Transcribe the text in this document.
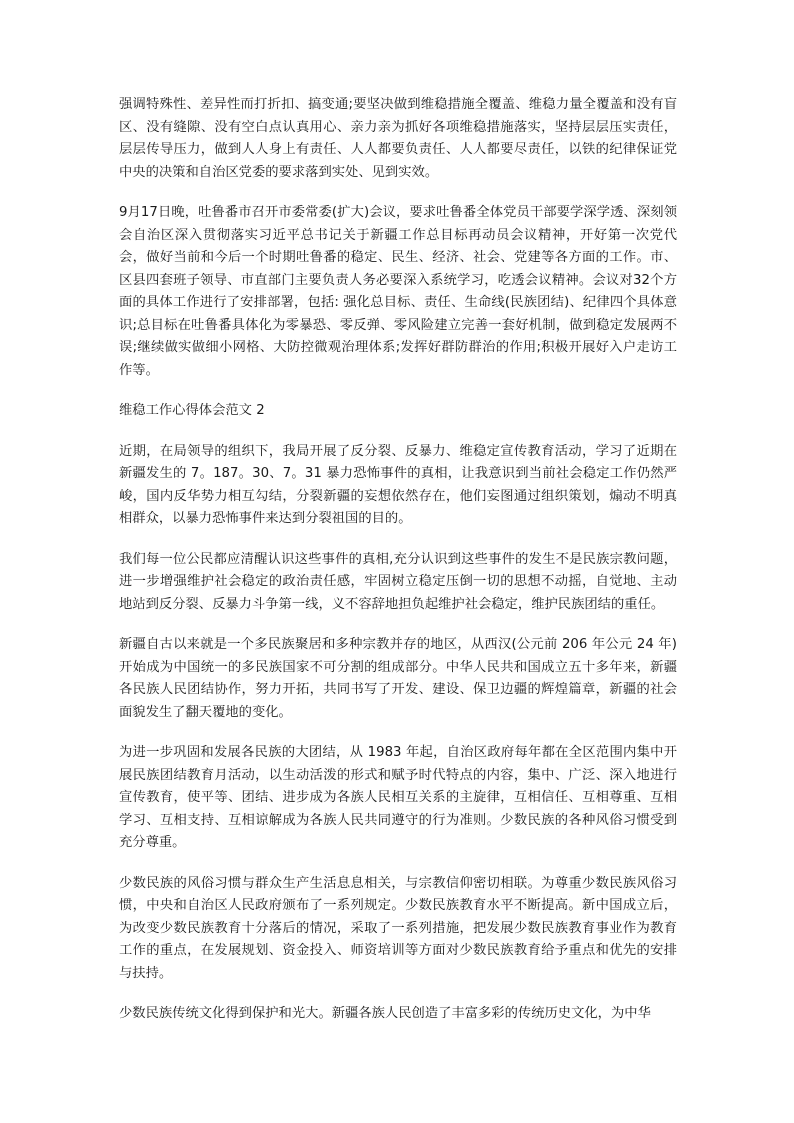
强调特殊性、差异性而打折扣、搞变通;要坚决做到维稳措施全覆盖、维稳力量全覆盖和没有盲区、没有缝隙、没有空白点认真用心、亲力亲为抓好各项维稳措施落实，坚持层层压实责任，层层传导压力，做到人人身上有责任、人人都要负责任、人人都要尽责任，以铁的纪律保证党中央的决策和自治区党委的要求落到实处、见到实效。

9月17日晚，吐鲁番市召开市委常委(扩大)会议，要求吐鲁番全体党员干部要学深学透、深刻领会自治区深入贯彻落实习近平总书记关于新疆工作总目标再动员会议精神，开好第一次党代会，做好当前和今后一个时期吐鲁番的稳定、民生、经济、社会、党建等各方面的工作。市、区县四套班子领导、市直部门主要负责人务必要深入系统学习，吃透会议精神。会议对32个方面的具体工作进行了安排部署，包括: 强化总目标、责任、生命线(民族团结)、纪律四个具体意识;总目标在吐鲁番具体化为零暴恐、零反弹、零风险建立完善一套好机制，做到稳定发展两不误;继续做实做细小网格、大防控微观治理体系;发挥好群防群治的作用;积极开展好入户走访工作等。

维稳工作心得体会范文 2

近期，在局领导的组织下，我局开展了反分裂、反暴力、维稳定宣传教育活动，学习了近期在新疆发生的 7。187。30、7。31 暴力恐怖事件的真相，让我意识到当前社会稳定工作仍然严峻，国内反华势力相互勾结，分裂新疆的妄想依然存在，他们妄图通过组织策划，煽动不明真相群众，以暴力恐怖事件来达到分裂祖国的目的。

我们每一位公民都应清醒认识这些事件的真相,充分认识到这些事件的发生不是民族宗教问题，进一步增强维护社会稳定的政治责任感，牢固树立稳定压倒一切的思想不动摇，自觉地、主动地站到反分裂、反暴力斗争第一线，义不容辞地担负起维护社会稳定，维护民族团结的重任。

新疆自古以来就是一个多民族聚居和多种宗教并存的地区，从西汉(公元前 206 年公元 24 年)开始成为中国统一的多民族国家不可分割的组成部分。中华人民共和国成立五十多年来，新疆各民族人民团结协作，努力开拓，共同书写了开发、建设、保卫边疆的辉煌篇章，新疆的社会面貌发生了翻天覆地的变化。

为进一步巩固和发展各民族的大团结，从 1983 年起，自治区政府每年都在全区范围内集中开展民族团结教育月活动，以生动活泼的形式和赋予时代特点的内容，集中、广泛、深入地进行宣传教育，使平等、团结、进步成为各族人民相互关系的主旋律，互相信任、互相尊重、互相学习、互相支持、互相谅解成为各族人民共同遵守的行为准则。少数民族的各种风俗习惯受到充分尊重。

少数民族的风俗习惯与群众生产生活息息相关，与宗教信仰密切相联。为尊重少数民族风俗习惯，中央和自治区人民政府颁布了一系列规定。少数民族教育水平不断提高。新中国成立后，为改变少数民族教育十分落后的情况，采取了一系列措施，把发展少数民族教育事业作为教育工作的重点，在发展规划、资金投入、师资培训等方面对少数民族教育给予重点和优先的安排与扶持。

少数民族传统文化得到保护和光大。新疆各族人民创造了丰富多彩的传统历史文化，为中华
